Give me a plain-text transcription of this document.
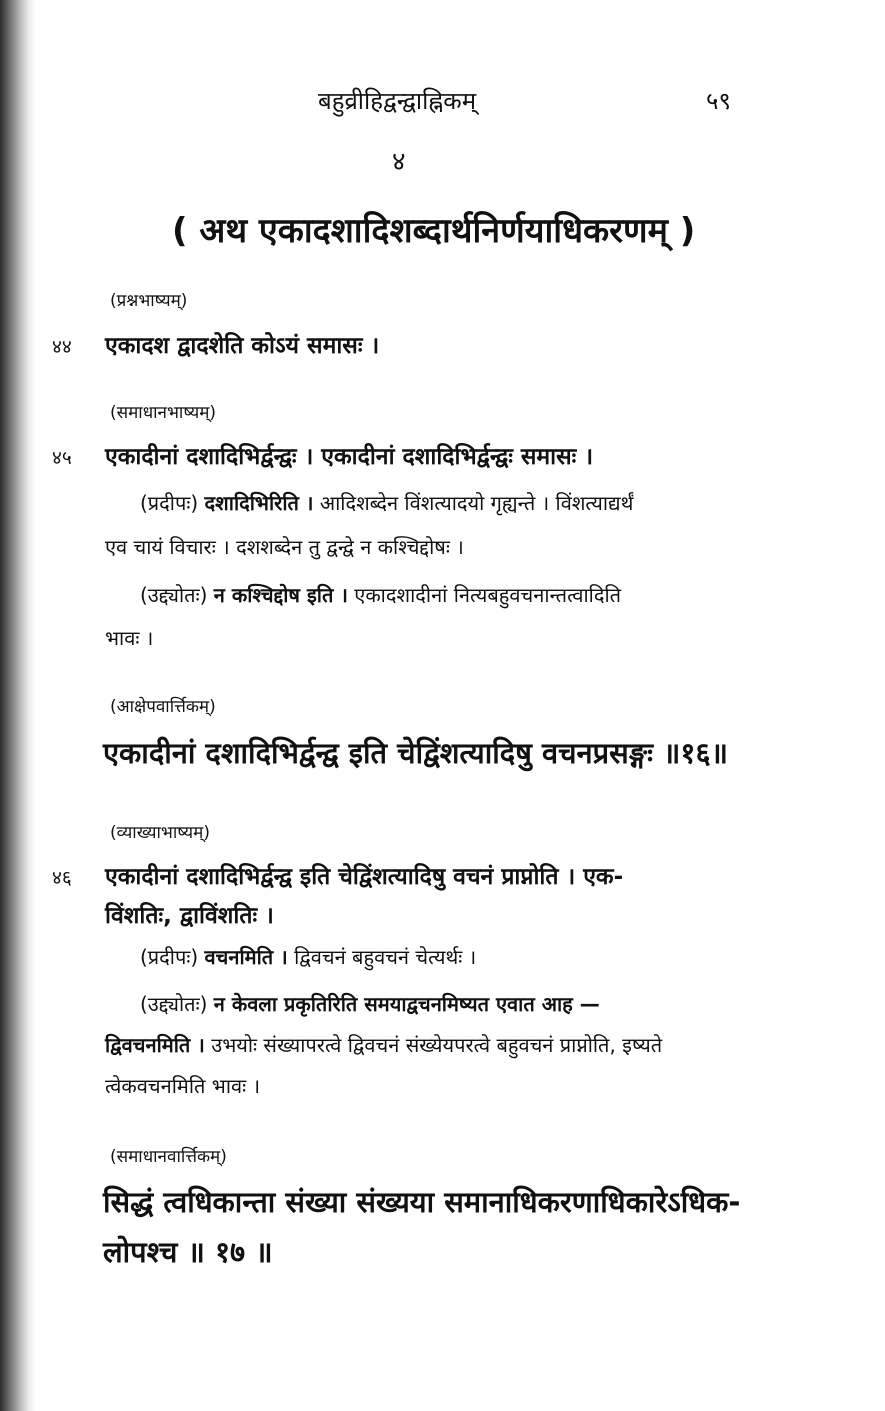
बहुव्रीहिद्वन्द्वाह्निकम्	५९
४
( अथ एकादशादिशब्दार्थनिर्णयाधिकरणम् )
(प्रश्नभाष्यम्)
४४ एकादश द्वादशेति कोऽयं समासः ।
(समाधानभाष्यम्)
४५ एकादीनां दशादिभिर्द्वन्द्वः । एकादीनां दशादिभिर्द्वन्द्वः समासः ।
(प्रदीपः) दशादिभिरिति । आदिशब्देन विंशत्यादयो गृह्यन्ते । विंशत्याद्यर्थं
एव चायं विचारः । दशशब्देन तु द्वन्द्वे न कश्चिद्दोषः ।
(उद्द्योतः) न कश्चिद्दोष इति । एकादशादीनां नित्यबहुवचनान्तत्वादिति
भावः ।
(आक्षेपवार्त्तिकम्)
एकादीनां दशादिभिर्द्वन्द्व इति चेद्विंशत्यादिषु वचनप्रसङ्गः ॥१६॥
(व्याख्याभाष्यम्)
४६ एकादीनां दशादिभिर्द्वन्द्व इति चेद्विंशत्यादिषु वचनं प्राप्नोति । एक-
विंशतिः, द्वाविंशतिः ।
(प्रदीपः) वचनमिति । द्विवचनं बहुवचनं चेत्यर्थः ।
(उद्द्योतः) न केवला प्रकृतिरिति समयाद्वचनमिष्यत एवात आह —
द्विवचनमिति । उभयोः संख्यापरत्वे द्विवचनं संख्येयपरत्वे बहुवचनं प्राप्नोति, इष्यते
त्वेकवचनमिति भावः ।
(समाधानवार्त्तिकम्)
सिद्धं त्वधिकान्ता संख्या संख्यया समानाधिकरणाधिकारेऽधिक-
लोपश्च ॥ १७ ॥
